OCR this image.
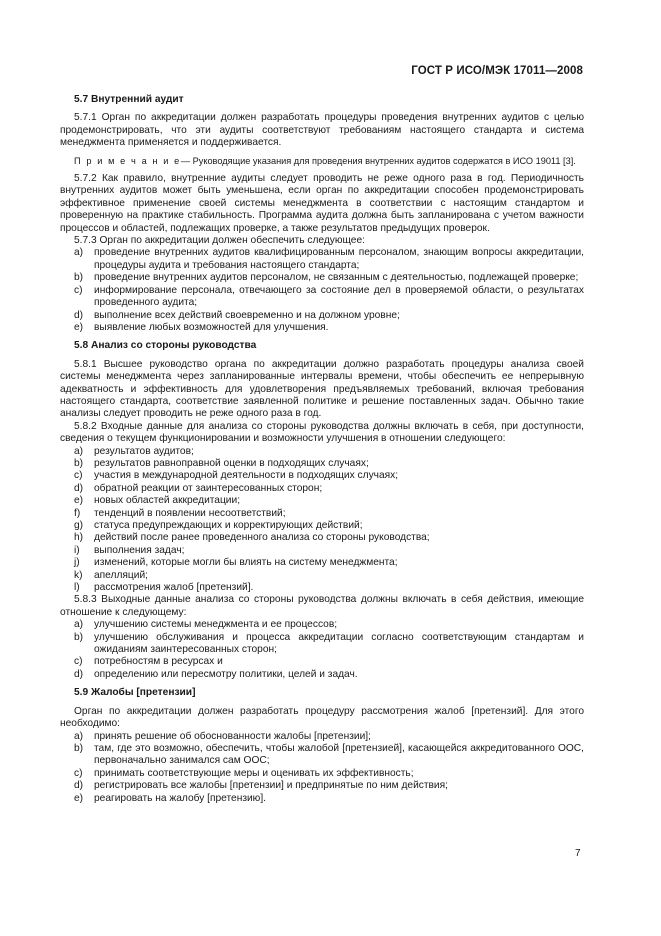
ГОСТ Р ИСО/МЭК 17011—2008
5.7 Внутренний аудит

5.7.1 Орган по аккредитации должен разработать процедуры проведения внутренних аудитов с целью продемонстрировать, что эти аудиты соответствуют требованиям настоящего стандарта и система менеджмента применяется и поддерживается.

П р и м е ч а н и е— Руководящие указания для проведения внутренних аудитов содержатся в ИСО 19011 [3].

5.7.2 Как правило, внутренние аудиты следует проводить не реже одного раза в год. Периодичность внутренних аудитов может быть уменьшена, если орган по аккредитации способен продемонстрировать эффективное применение своей системы менеджмента в соответствии с настоящим стандартом и проверенную на практике стабильность. Программа аудита должна быть запланирована с учетом важности процессов и областей, подлежащих проверке, а также результатов предыдущих проверок.

5.7.3 Орган по аккредитации должен обеспечить следующее:

a) проведение внутренних аудитов квалифицированным персоналом, знающим вопросы аккредитации, процедуры аудита и требования настоящего стандарта;
b) проведение внутренних аудитов персоналом, не связанным с деятельностью, подлежащей проверке;
c) информирование персонала, отвечающего за состояние дел в проверяемой области, о результатах проведенного аудита;
d) выполнение всех действий своевременно и на должном уровне;
e) выявление любых возможностей для улучшения.
5.8 Анализ со стороны руководства

5.8.1 Высшее руководство органа по аккредитации должно разработать процедуры анализа своей системы менеджмента через запланированные интервалы времени, чтобы обеспечить ее непрерывную адекватность и эффективность для удовлетворения предъявляемых требований, включая требования настоящего стандарта, соответствие заявленной политике и решение поставленных задач. Обычно такие анализы следует проводить не реже одного раза в год.

5.8.2 Входные данные для анализа со стороны руководства должны включать в себя, при доступности, сведения о текущем функционировании и возможности улучшения в отношении следующего:

a) результатов аудитов;
b) результатов равноправной оценки в подходящих случаях;
c) участия в международной деятельности в подходящих случаях;
d) обратной реакции от заинтересованных сторон;
e) новых областей аккредитации;
f) тенденций в появлении несоответствий;
g) статуса предупреждающих и корректирующих действий;
h) действий после ранее проведенного анализа со стороны руководства;
i) выполнения задач;
j) изменений, которые могли бы влиять на систему менеджмента;
k) апелляций;
l) рассмотрения жалоб [претензий].

5.8.3 Выходные данные анализа со стороны руководства должны включать в себя действия, имеющие отношение к следующему:

a) улучшению системы менеджмента и ее процессов;
b) улучшению обслуживания и процесса аккредитации согласно соответствующим стандартам и ожиданиям заинтересованных сторон;
c) потребностям в ресурсах и
d) определению или пересмотру политики, целей и задач.
5.9 Жалобы [претензии]

Орган по аккредитации должен разработать процедуру рассмотрения жалоб [претензий]. Для этого необходимо:

a) принять решение об обоснованности жалобы [претензии];
b) там, где это возможно, обеспечить, чтобы жалобой [претензией], касающейся аккредитованного ООС, первоначально занимался сам ООС;
c) принимать соответствующие меры и оценивать их эффективность;
d) регистрировать все жалобы [претензии] и предпринятые по ним действия;
e) реагировать на жалобу [претензию].
7
